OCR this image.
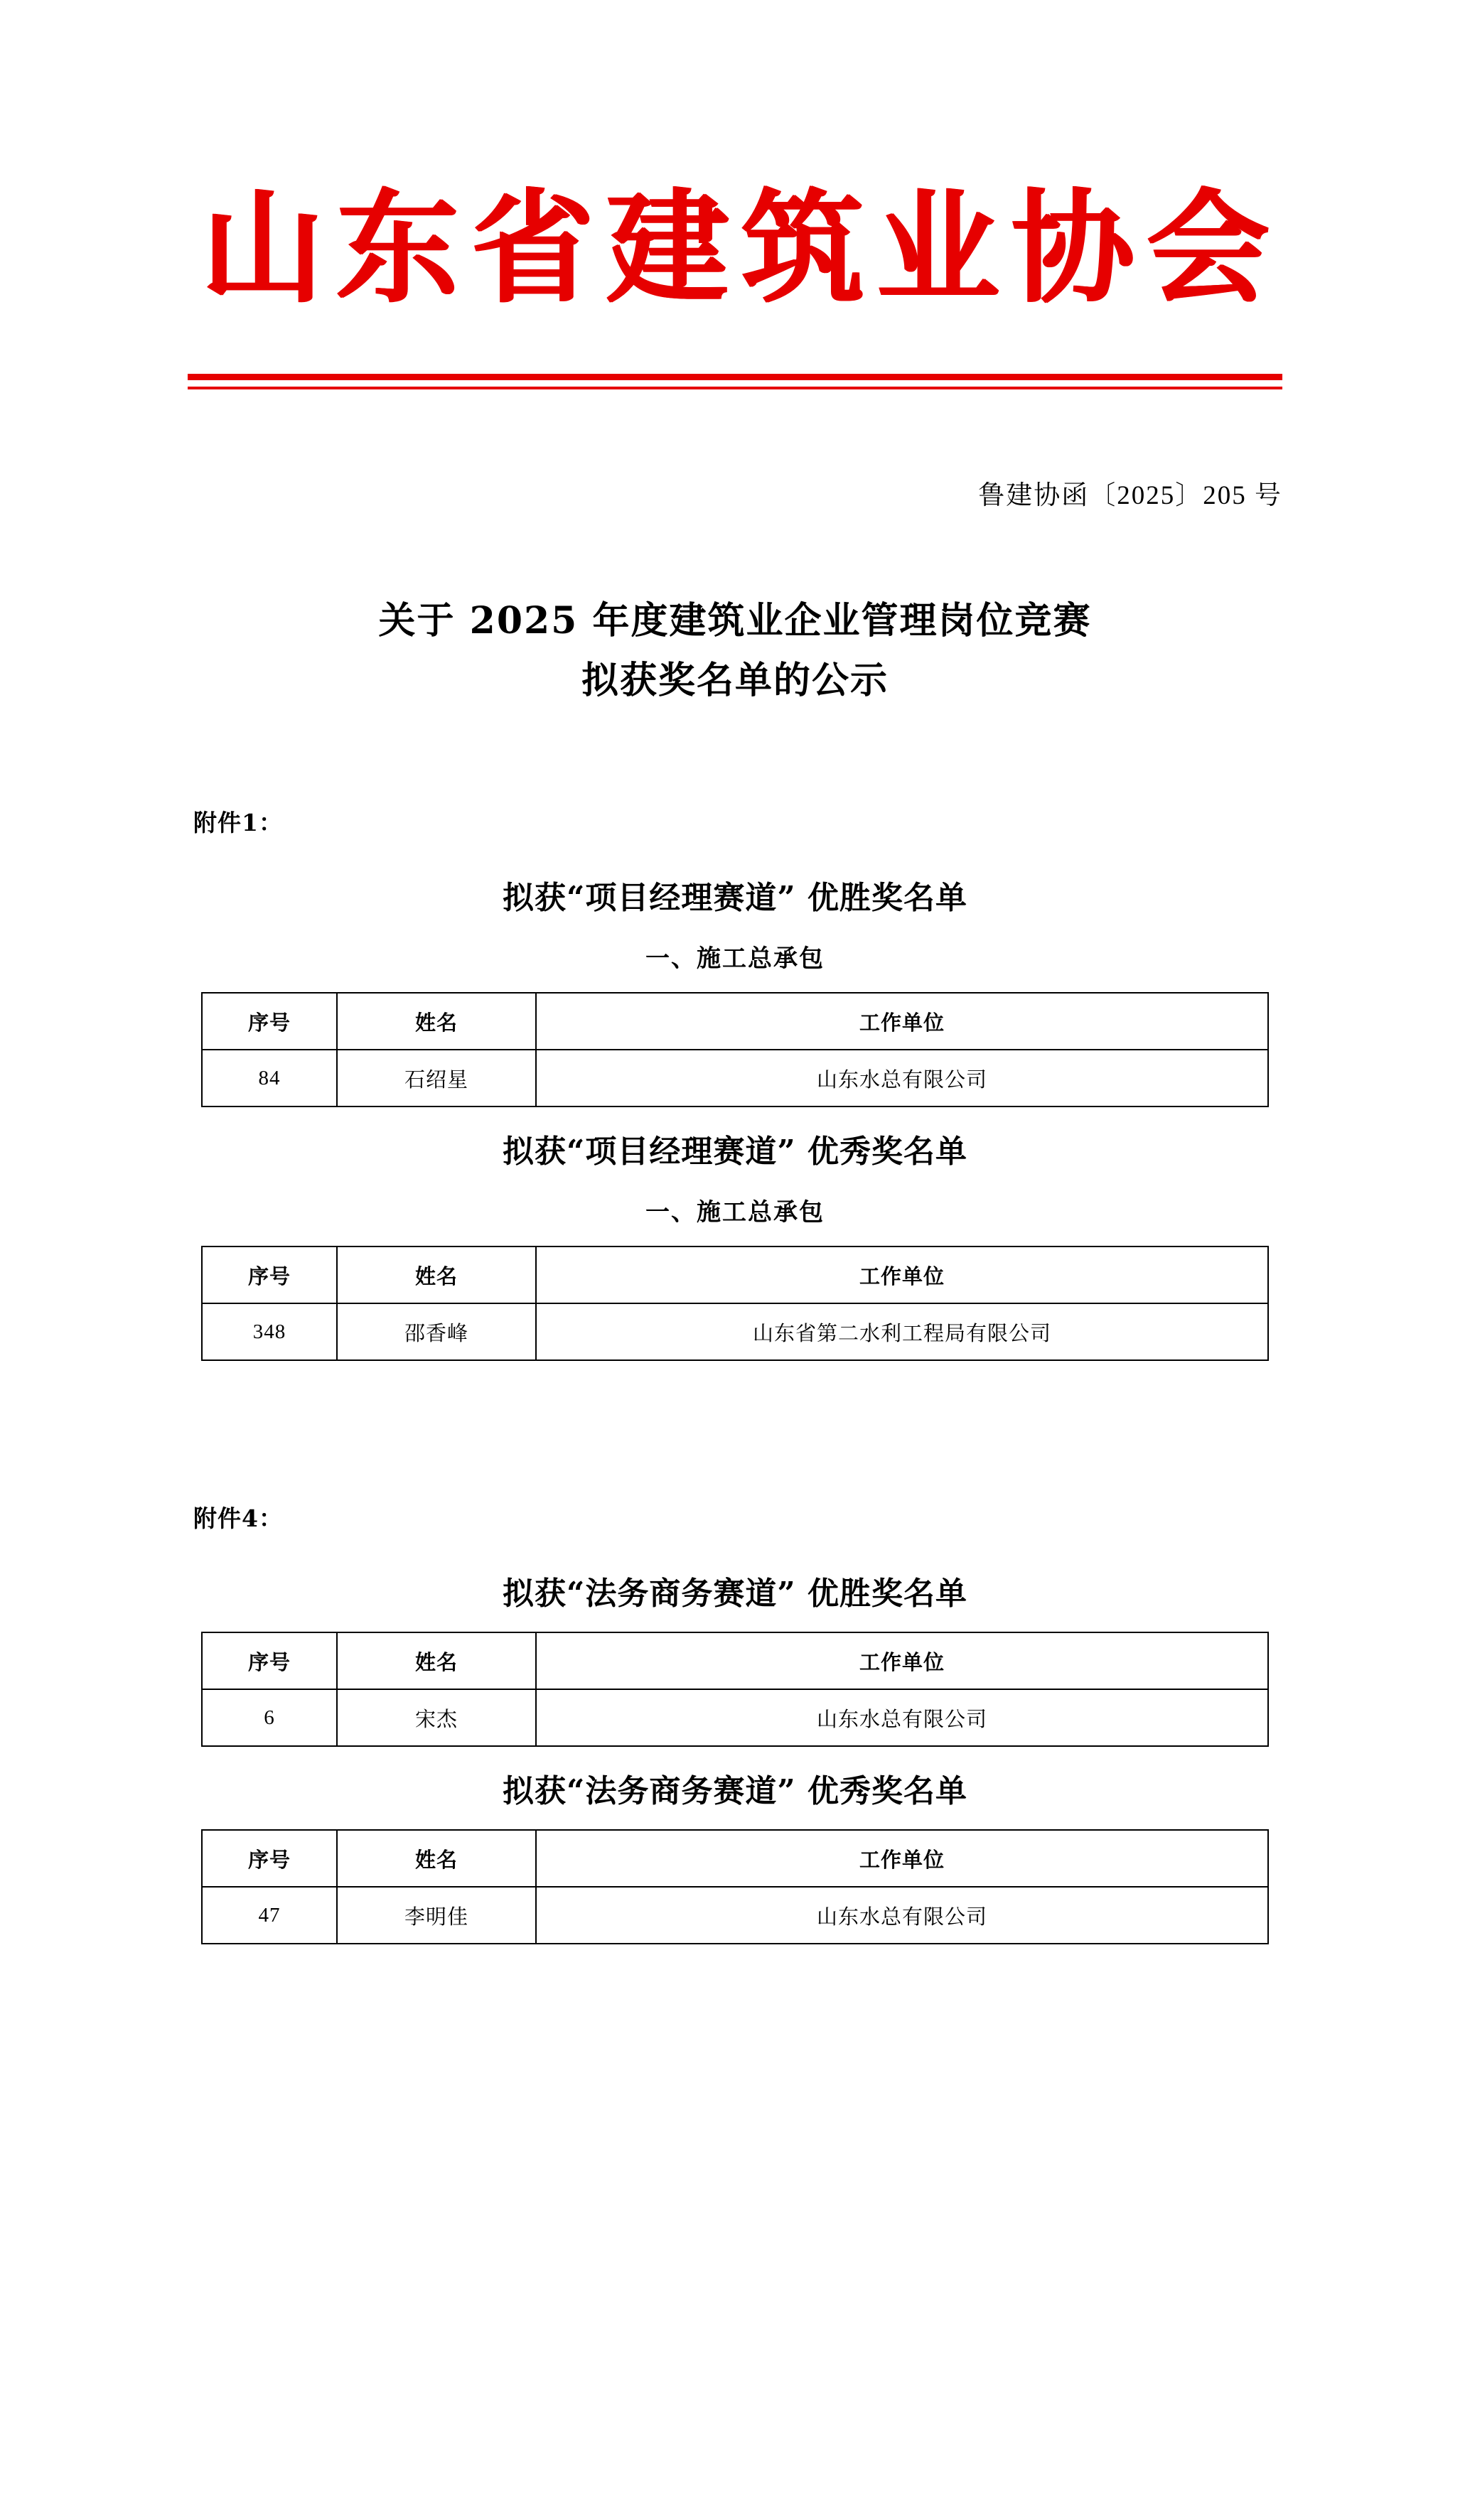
山东省建筑业协会
鲁建协函〔2025〕205 号
关于 2025 年度建筑业企业管理岗位竞赛
拟获奖名单的公示
附件1：
拟获“项目经理赛道” 优胜奖名单
一、施工总承包
序号	姓名	工作单位
84	石绍星	山东水总有限公司
拟获“项目经理赛道” 优秀奖名单
一、施工总承包
序号	姓名	工作单位
348	邵香峰	山东省第二水利工程局有限公司
附件4：
拟获“法务商务赛道” 优胜奖名单
序号	姓名	工作单位
6	宋杰	山东水总有限公司
拟获“法务商务赛道” 优秀奖名单
序号	姓名	工作单位
47	李明佳	山东水总有限公司
